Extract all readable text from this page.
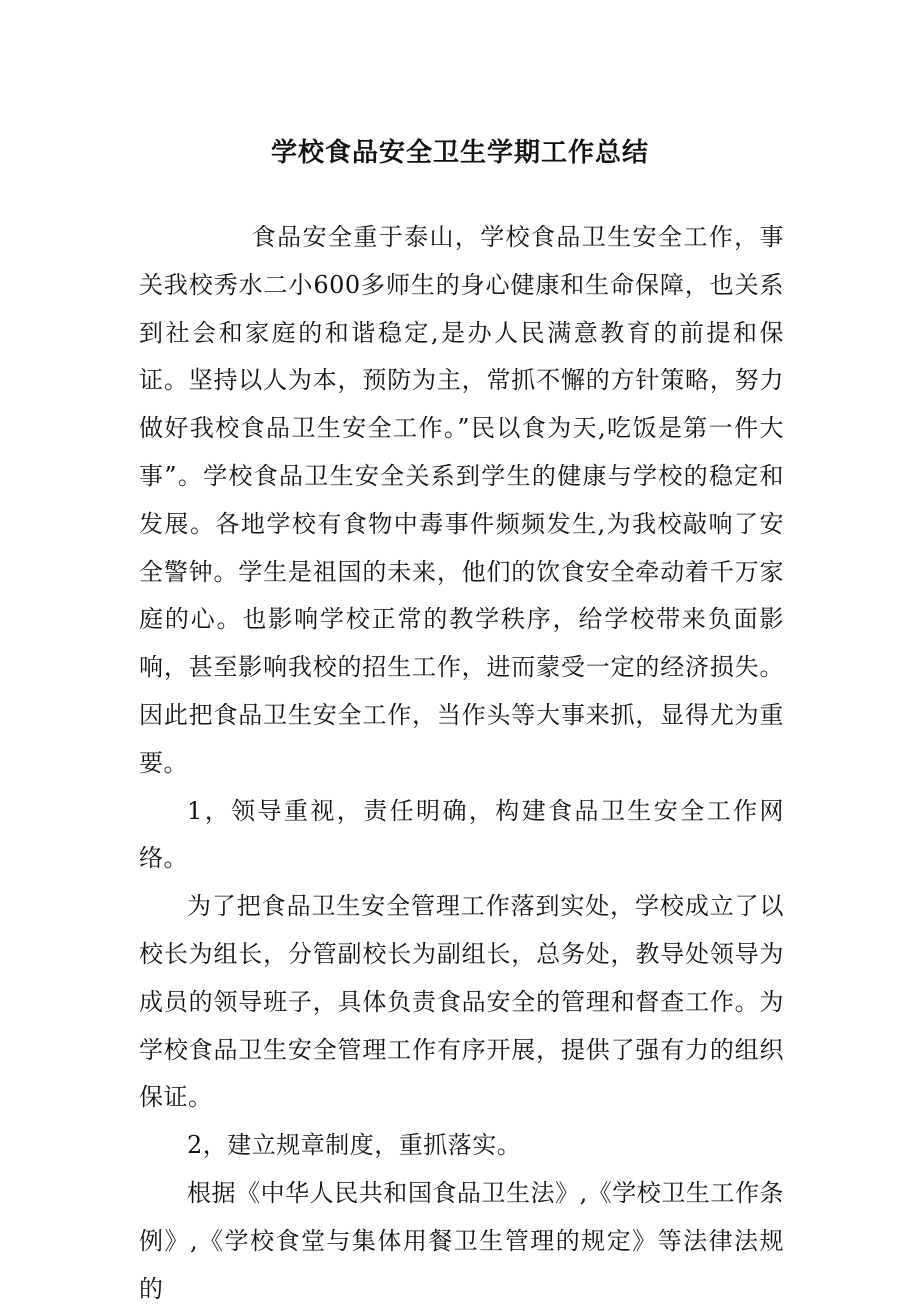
学校食品安全卫生学期工作总结

食品安全重于泰山，学校食品卫生安全工作，事关我校秀水二小600多师生的身心健康和生命保障，也关系到社会和家庭的和谐稳定,是办人民满意教育的前提和保证。坚持以人为本，预防为主，常抓不懈的方针策略，努力做好我校食品卫生安全工作。”民以食为天,吃饭是第一件大事”。学校食品卫生安全关系到学生的健康与学校的稳定和发展。各地学校有食物中毒事件频频发生,为我校敲响了安全警钟。学生是祖国的未来，他们的饮食安全牵动着千万家庭的心。也影响学校正常的教学秩序，给学校带来负面影响，甚至影响我校的招生工作，进而蒙受一定的经济损失。因此把食品卫生安全工作，当作头等大事来抓，显得尤为重要。

1，领导重视，责任明确，构建食品卫生安全工作网络。

为了把食品卫生安全管理工作落到实处，学校成立了以校长为组长，分管副校长为副组长，总务处，教导处领导为成员的领导班子，具体负责食品安全的管理和督查工作。为学校食品卫生安全管理工作有序开展，提供了强有力的组织保证。

2，建立规章制度，重抓落实。

根据《中华人民共和国食品卫生法》,《学校卫生工作条例》,《学校食堂与集体用餐卫生管理的规定》等法律法规的
